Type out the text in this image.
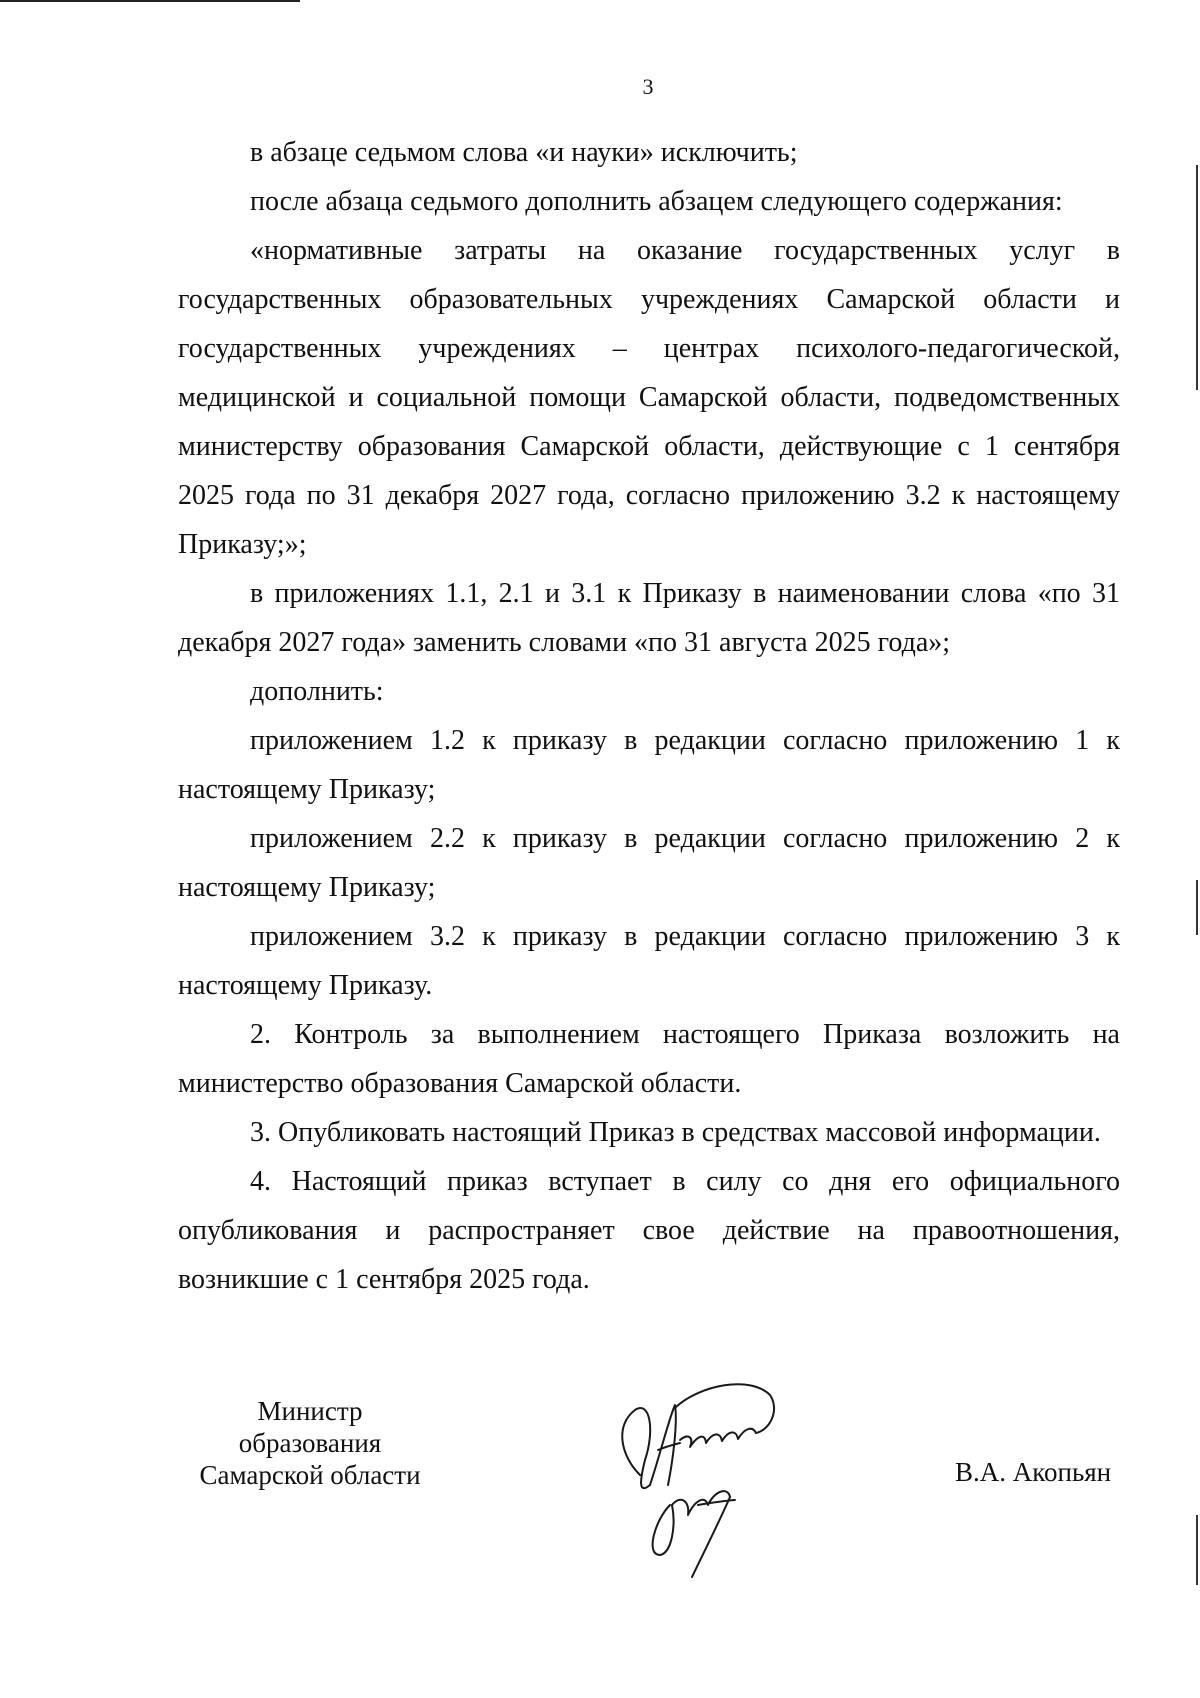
3

в абзаце седьмом слова «и науки» исключить;

после абзаца седьмого дополнить абзацем следующего содержания:

«нормативные затраты на оказание государственных услуг в государственных образовательных учреждениях Самарской области и государственных учреждениях – центрах психолого-педагогической, медицинской и социальной помощи Самарской области, подведомственных министерству образования Самарской области, действующие с 1 сентября 2025 года по 31 декабря 2027 года, согласно приложению 3.2 к настоящему Приказу;»;

в приложениях 1.1, 2.1 и 3.1 к Приказу в наименовании слова «по 31 декабря 2027 года» заменить словами «по 31 августа 2025 года»;

дополнить:

приложением 1.2 к приказу в редакции согласно приложению 1 к настоящему Приказу;

приложением 2.2 к приказу в редакции согласно приложению 2 к настоящему Приказу;

приложением 3.2 к приказу в редакции согласно приложению 3 к настоящему Приказу.

2. Контроль за выполнением настоящего Приказа возложить на министерство образования Самарской области.

3. Опубликовать настоящий Приказ в средствах массовой информации.

4. Настоящий приказ вступает в силу со дня его официального опубликования и распространяет свое действие на правоотношения, возникшие с 1 сентября 2025 года.

Министр
образования
Самарской области	В.А. Акопьян
